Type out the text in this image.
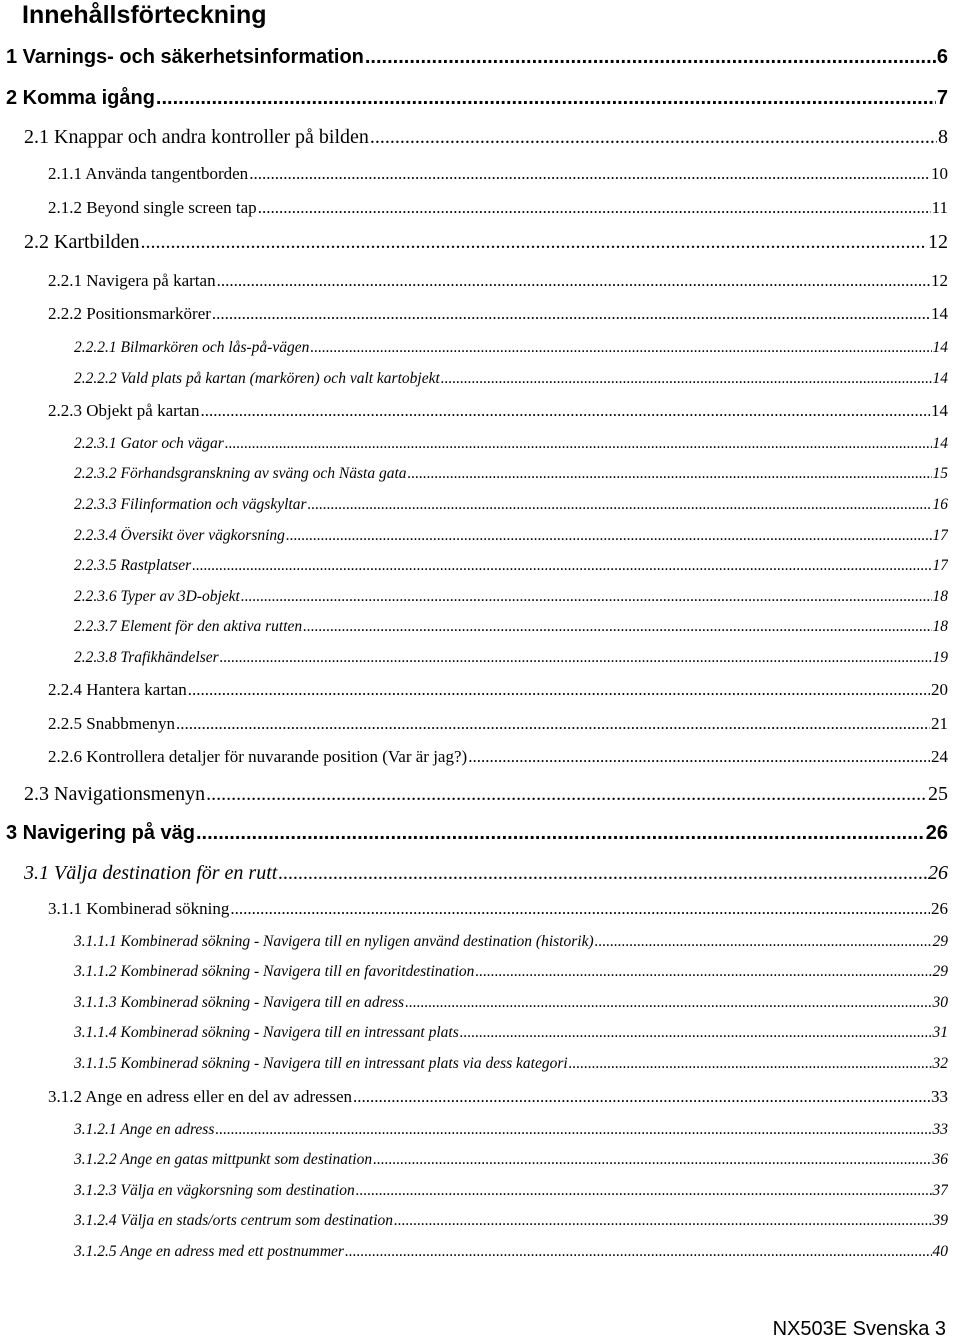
Innehållsförteckning
1 Varnings- och säkerhetsinformation .....	6
2 Komma igång .....	7
2.1 Knappar och andra kontroller på bilden .....	8
2.1.1 Använda tangentborden .....	10
2.1.2 Beyond single screen tap .....	11
2.2 Kartbilden .....	12
2.2.1 Navigera på kartan .....	12
2.2.2 Positionsmarkörer .....	14
2.2.2.1 Bilmarkören och lås-på-vägen .....	14
2.2.2.2 Vald plats på kartan (markören) och valt kartobjekt .....	14
2.2.3 Objekt på kartan .....	14
2.2.3.1 Gator och vägar .....	14
2.2.3.2 Förhandsgranskning av sväng och Nästa gata .....	15
2.2.3.3 Filinformation och vägskyltar .....	16
2.2.3.4 Översikt över vägkorsning .....	17
2.2.3.5 Rastplatser .....	17
2.2.3.6 Typer av 3D-objekt .....	18
2.2.3.7 Element för den aktiva rutten .....	18
2.2.3.8 Trafikhändelser .....	19
2.2.4 Hantera kartan .....	20
2.2.5 Snabbmenyn .....	21
2.2.6 Kontrollera detaljer för nuvarande position (Var är jag?) .....	24
2.3 Navigationsmenyn .....	25
3 Navigering på väg .....	26
3.1 Välja destination för en rutt .....	26
3.1.1 Kombinerad sökning .....	26
3.1.1.1 Kombinerad sökning - Navigera till en nyligen använd destination (historik) .....	29
3.1.1.2 Kombinerad sökning - Navigera till en favoritdestination .....	29
3.1.1.3 Kombinerad sökning - Navigera till en adress .....	30
3.1.1.4 Kombinerad sökning - Navigera till en intressant plats .....	31
3.1.1.5 Kombinerad sökning - Navigera till en intressant plats via dess kategori .....	32
3.1.2 Ange en adress eller en del av adressen .....	33
3.1.2.1 Ange en adress .....	33
3.1.2.2 Ange en gatas mittpunkt som destination .....	36
3.1.2.3 Välja en vägkorsning som destination .....	37
3.1.2.4 Välja en stads/orts centrum som destination .....	39
3.1.2.5 Ange en adress med ett postnummer .....	40
NX503E Svenska 3
